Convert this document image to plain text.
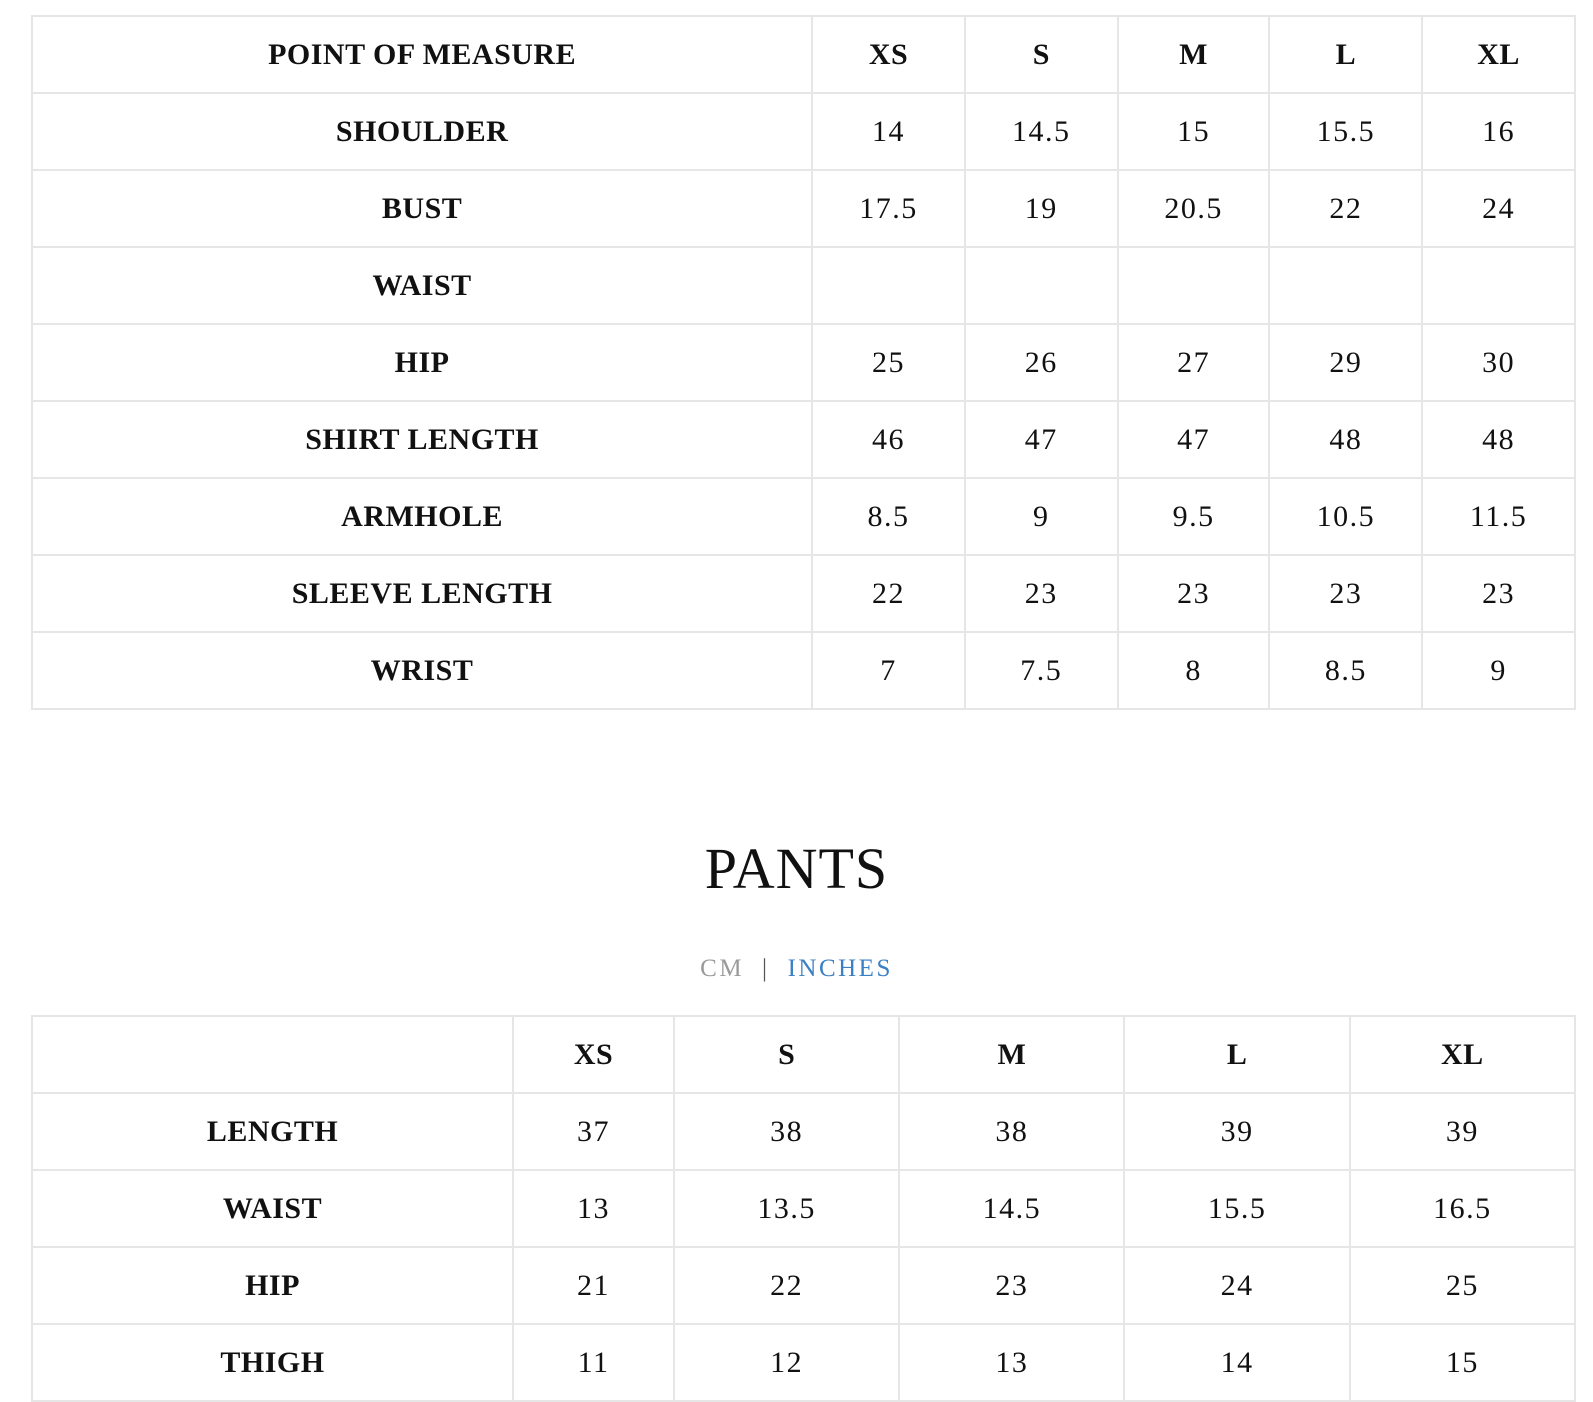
POINT OF MEASURE	XS	S	M	L	XL
SHOULDER	14	14.5	15	15.5	16
BUST	17.5	19	20.5	22	24
WAIST					
HIP	25	26	27	29	30
SHIRT LENGTH	46	47	47	48	48
ARMHOLE	8.5	9	9.5	10.5	11.5
SLEEVE LENGTH	22	23	23	23	23
WRIST	7	7.5	8	8.5	9
PANTS
CM | INCHES
	XS	S	M	L	XL
LENGTH	37	38	38	39	39
WAIST	13	13.5	14.5	15.5	16.5
HIP	21	22	23	24	25
THIGH	11	12	13	14	15
